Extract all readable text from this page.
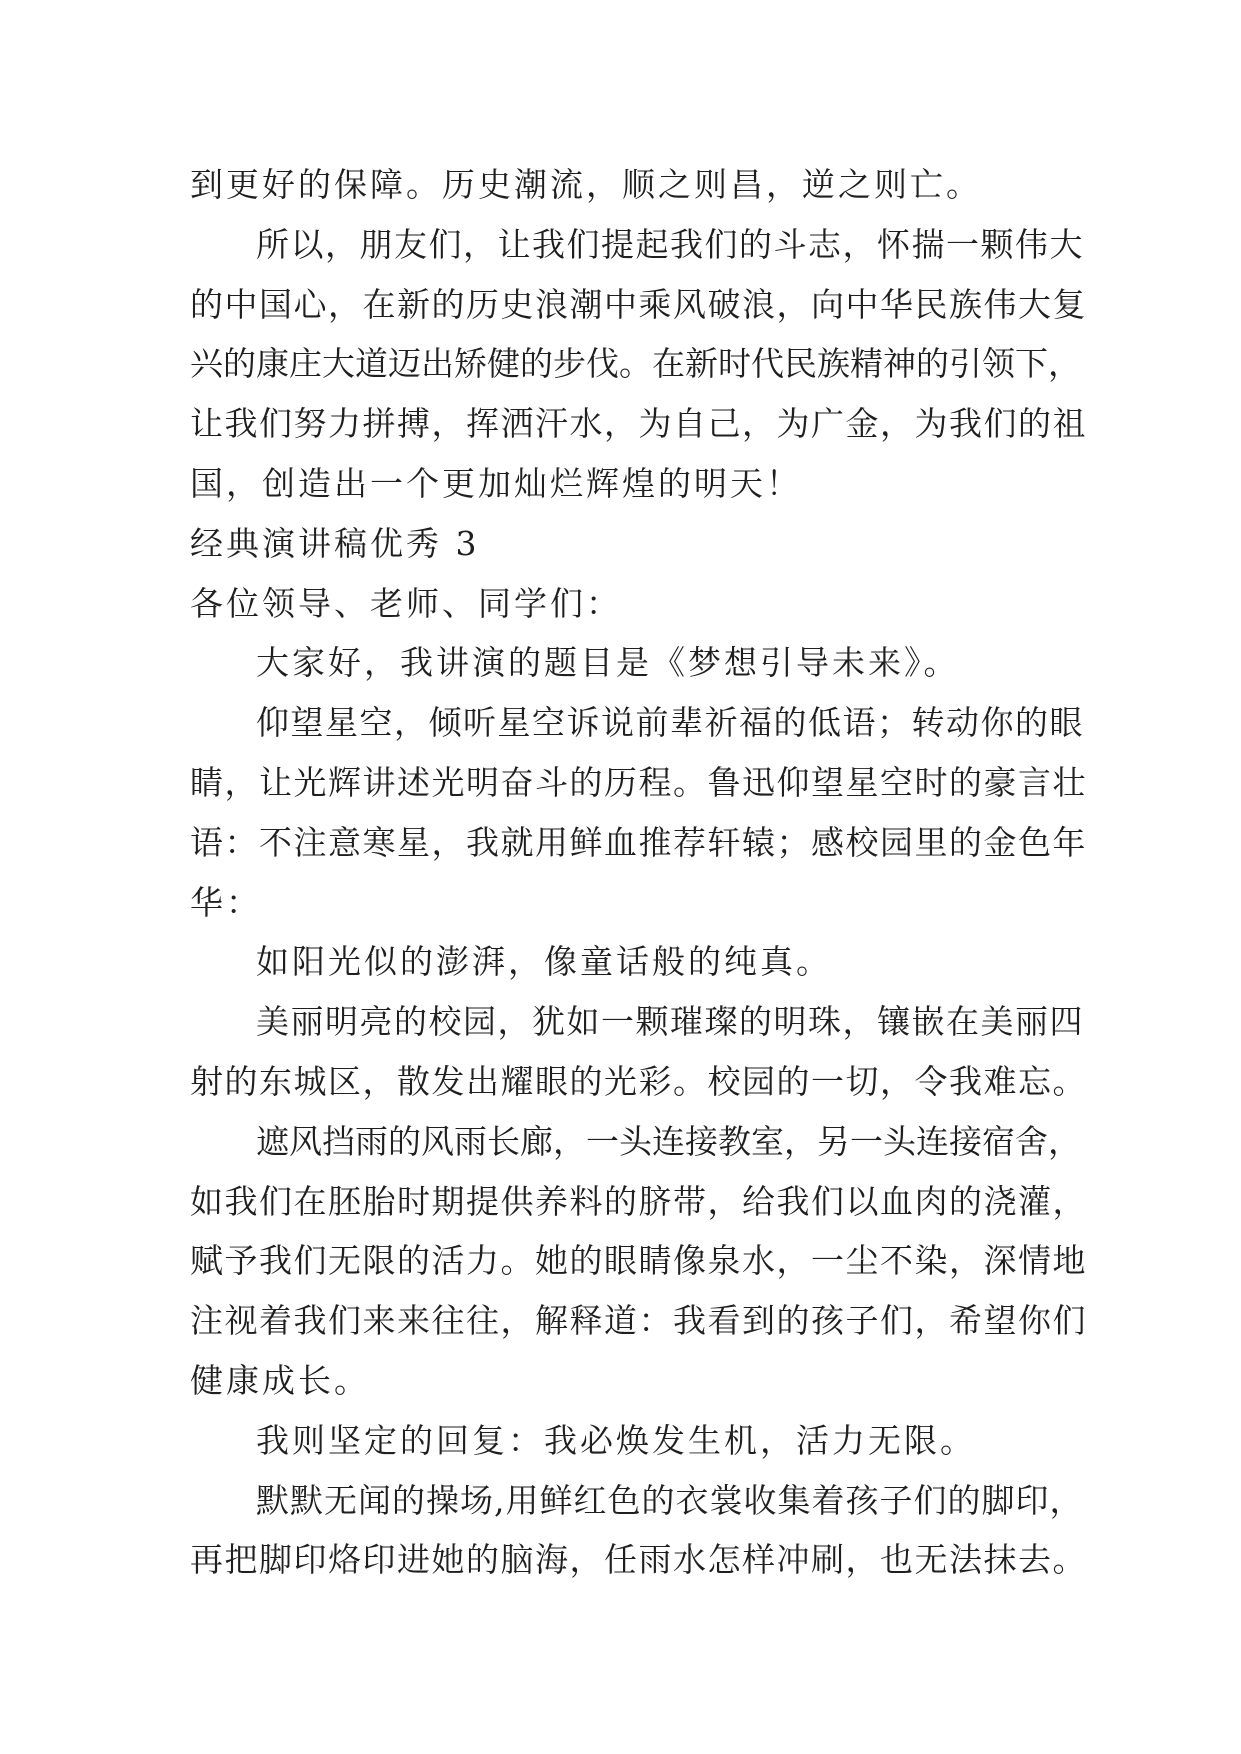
到更好的保障。历史潮流，顺之则昌，逆之则亡。
所以，朋友们，让我们提起我们的斗志，怀揣一颗伟大
的中国心，在新的历史浪潮中乘风破浪，向中华民族伟大复
兴的康庄大道迈出矫健的步伐。在新时代民族精神的引领下，
让我们努力拼搏，挥洒汗水，为自己，为广金，为我们的祖
国，创造出一个更加灿烂辉煌的明天！
经典演讲稿优秀 3
各位领导、老师、同学们：
大家好，我讲演的题目是《梦想引导未来》。
仰望星空，倾听星空诉说前辈祈福的低语；转动你的眼
睛，让光辉讲述光明奋斗的历程。鲁迅仰望星空时的豪言壮
语：不注意寒星，我就用鲜血推荐轩辕；感校园里的金色年
华：
如阳光似的澎湃，像童话般的纯真。
美丽明亮的校园，犹如一颗璀璨的明珠，镶嵌在美丽四
射的东城区，散发出耀眼的光彩。校园的一切，令我难忘。
遮风挡雨的风雨长廊，一头连接教室，另一头连接宿舍，
如我们在胚胎时期提供养料的脐带，给我们以血肉的浇灌，
赋予我们无限的活力。她的眼睛像泉水，一尘不染，深情地
注视着我们来来往往，解释道：我看到的孩子们，希望你们
健康成长。
我则坚定的回复：我必焕发生机，活力无限。
默默无闻的操场,用鲜红色的衣裳收集着孩子们的脚印，
再把脚印烙印进她的脑海，任雨水怎样冲刷，也无法抹去。
